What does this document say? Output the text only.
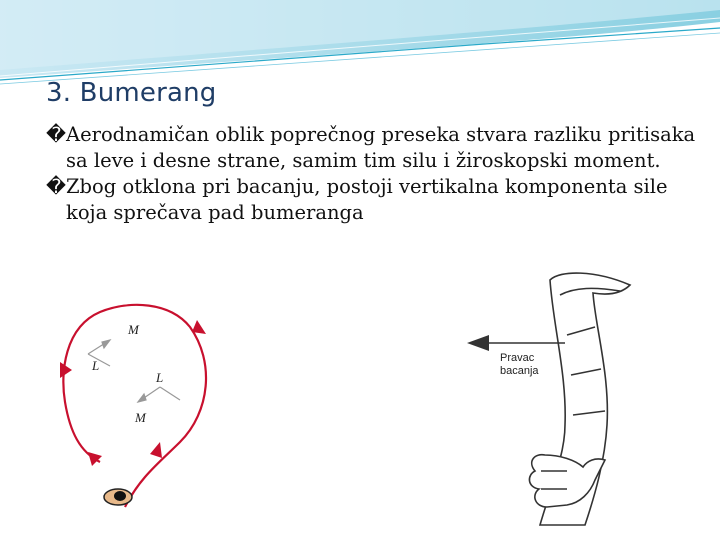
3. Bumerang
� Aerodnamičan oblik poprečnog preseka stvara razliku pritisaka sa leve i desne strane, samim tim silu i žiroskopski moment.
� Zbog otklona pri bacanju, postoji vertikalna komponenta sile koja sprečava pad bumeranga
M
L
L
M
Pravac
bacanja
